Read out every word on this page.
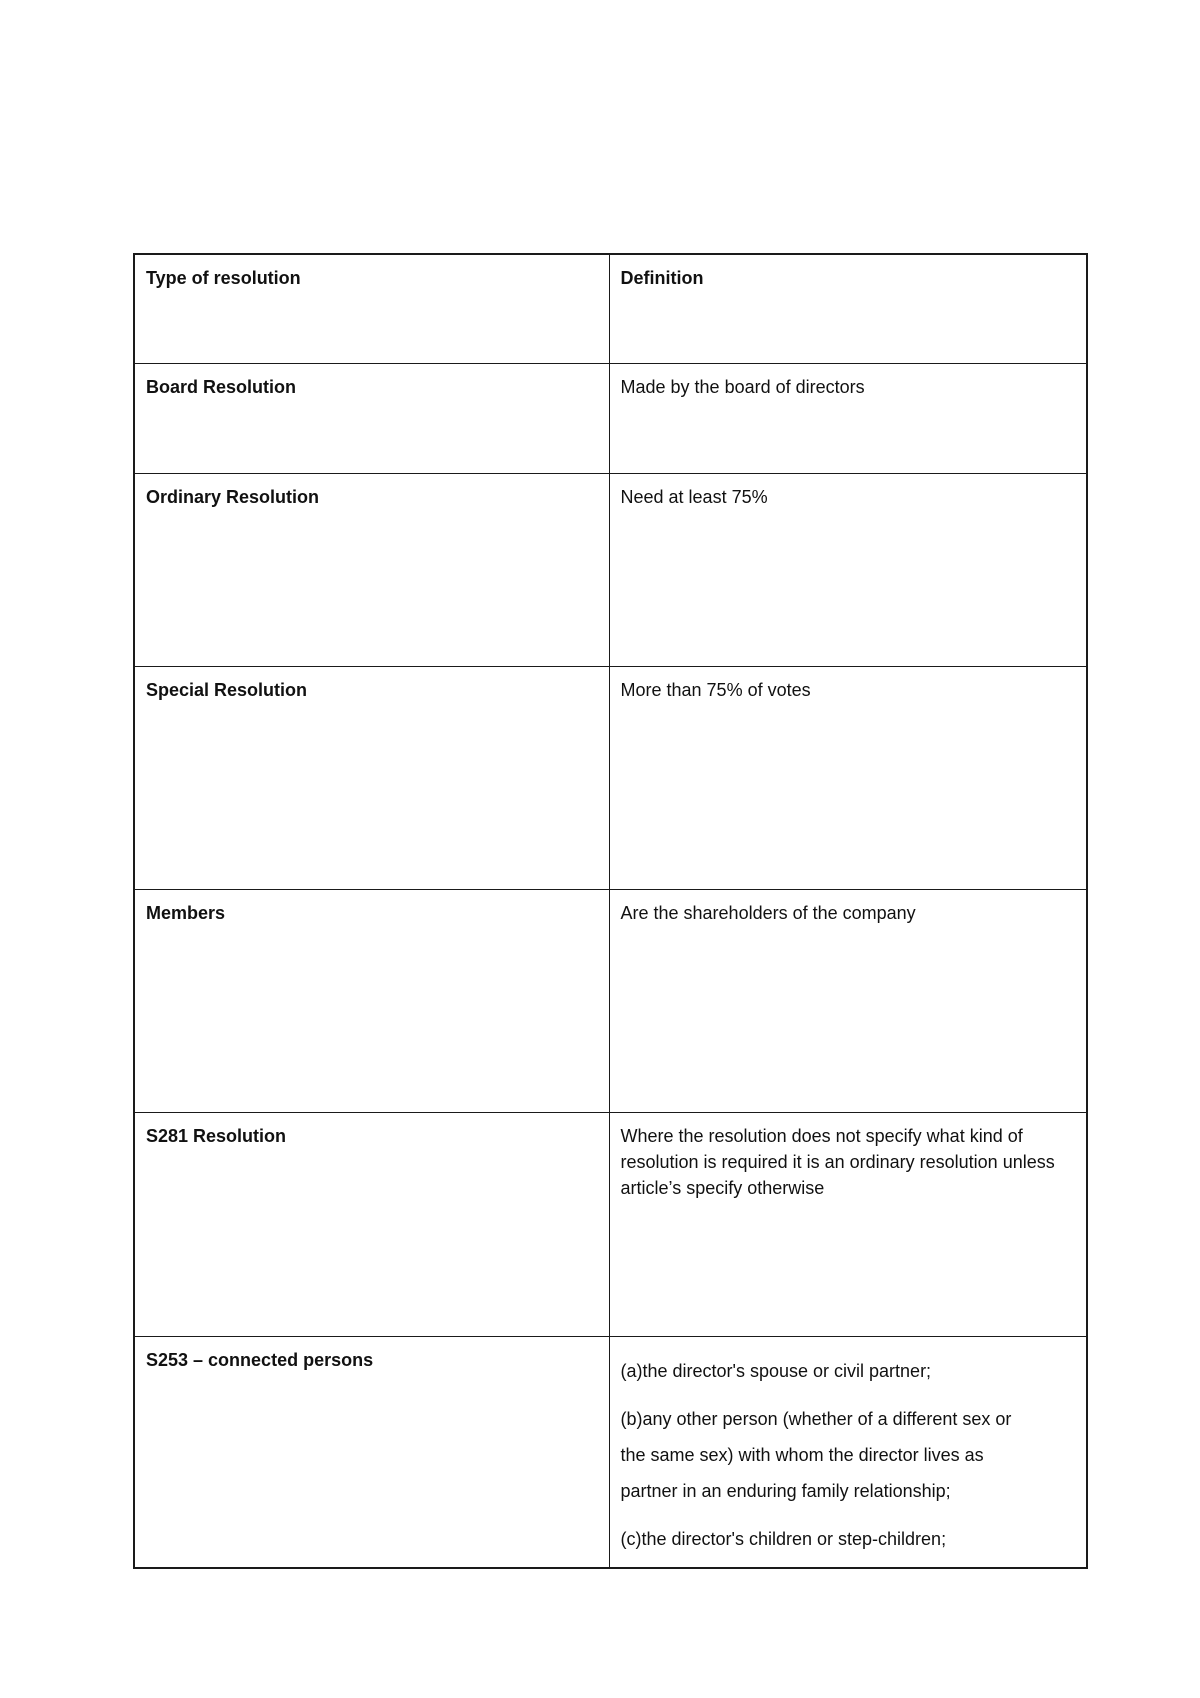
Type of resolution	Definition
Board Resolution	Made by the board of directors
Ordinary Resolution	Need at least 75%
Special Resolution	More than 75% of votes
Members	Are the shareholders of the company
S281 Resolution	Where the resolution does not specify what kind of resolution is required it is an ordinary resolution unless article’s specify otherwise
S253 – connected persons	(a)the director's spouse or civil partner;

(b)any other person (whether of a different sex or

the same sex) with whom the director lives as

partner in an enduring family relationship;

(c)the director's children or step-children;
